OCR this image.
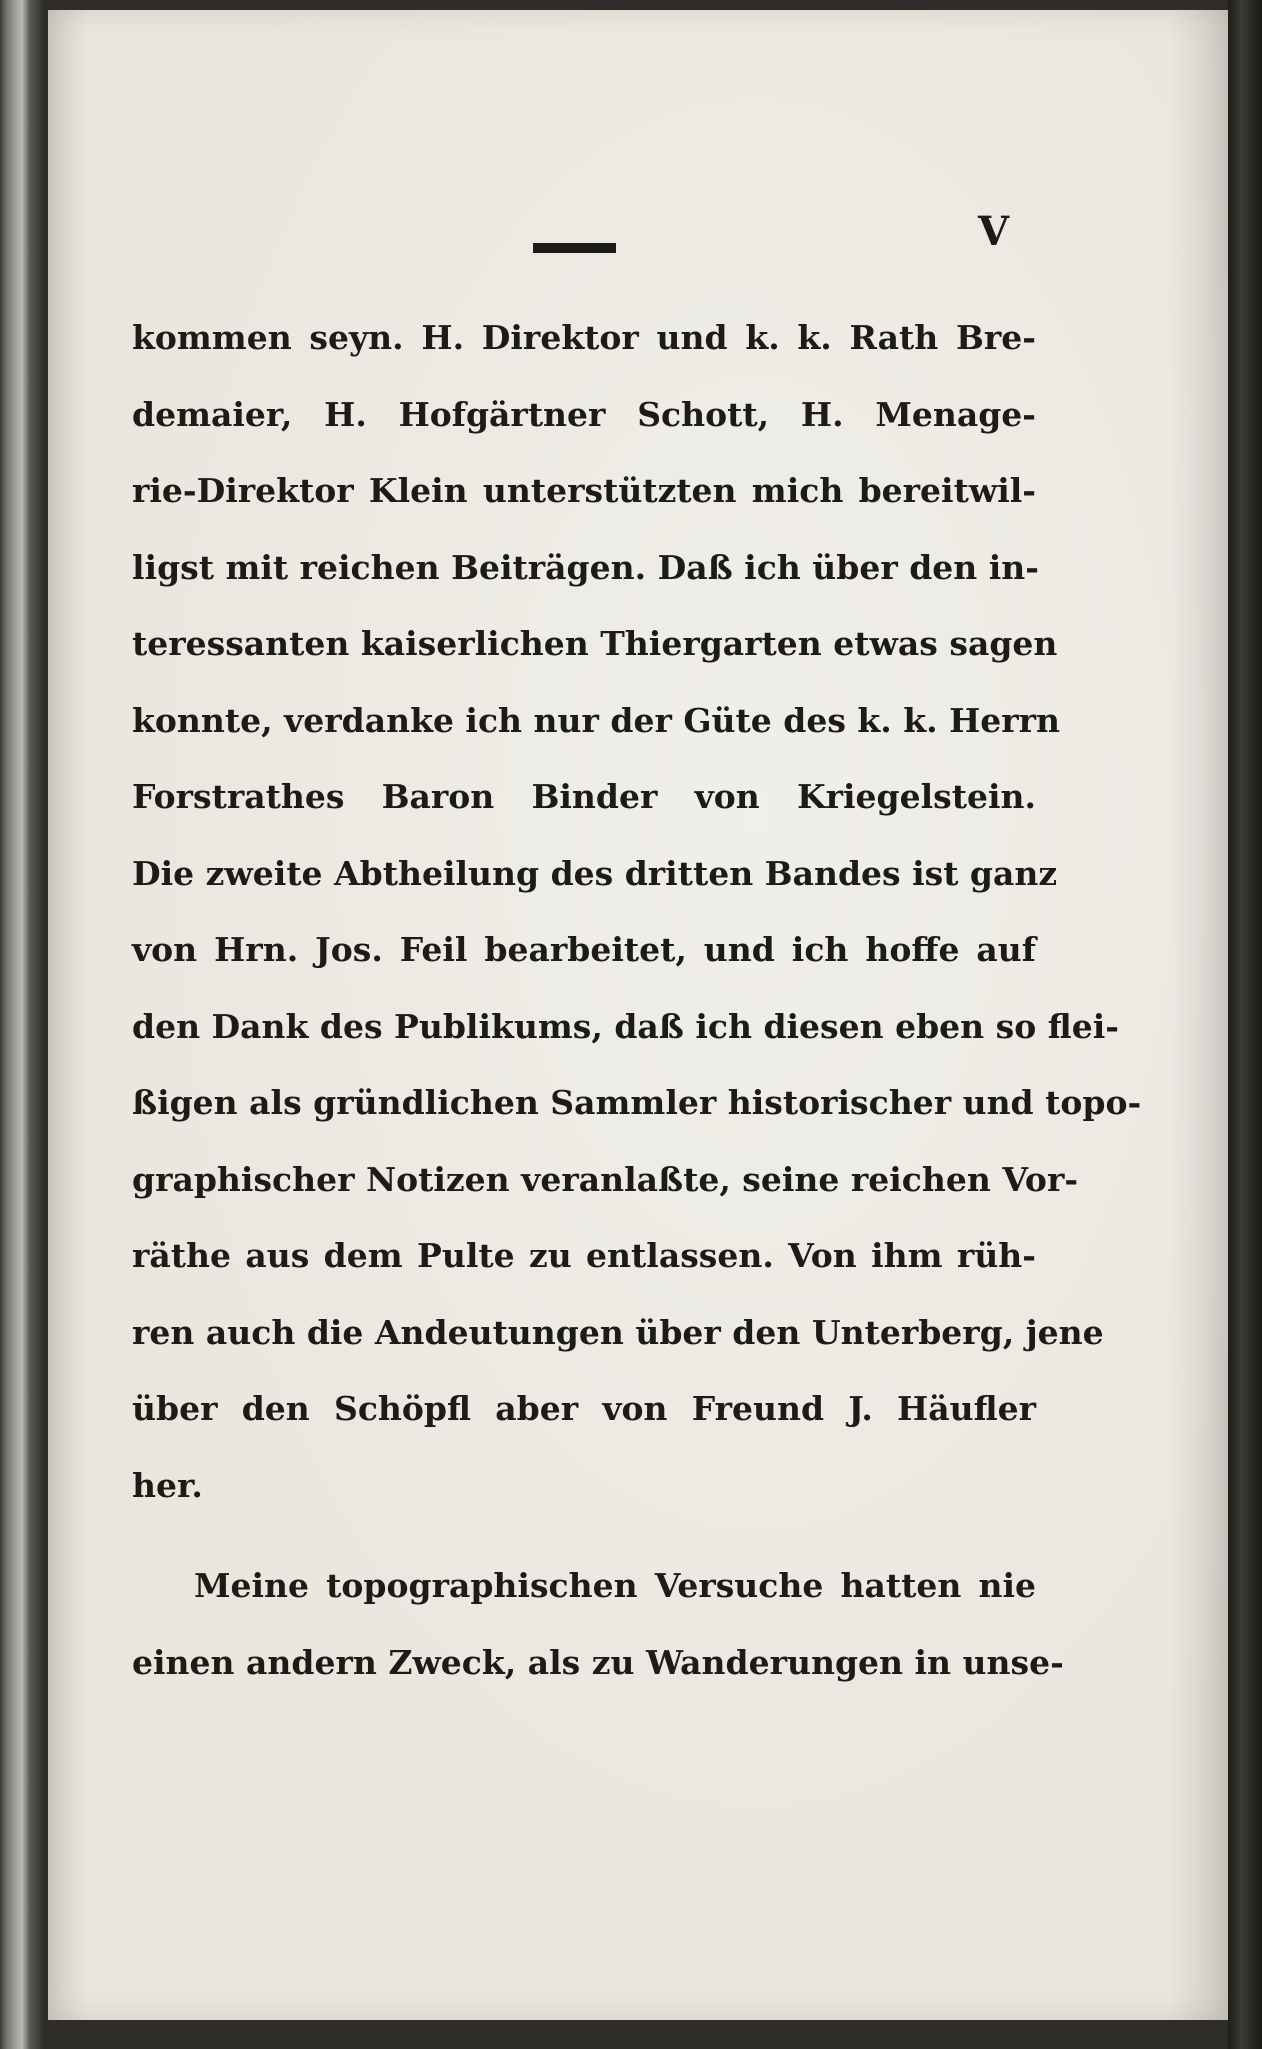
V
kommen seyn. H. Direktor und k. k. Rath Bre-
demaier, H. Hofgärtner Schott, H. Menage-
rie-Direktor Klein unterstützten mich bereitwil-
ligst mit reichen Beiträgen. Daß ich über den in-
teressanten kaiserlichen Thiergarten etwas sagen
konnte, verdanke ich nur der Güte des k. k. Herrn
Forstrathes Baron Binder von Kriegelstein.
Die zweite Abtheilung des dritten Bandes ist ganz
von Hrn. Jos. Feil bearbeitet, und ich hoffe auf
den Dank des Publikums, daß ich diesen eben so flei-
ßigen als gründlichen Sammler historischer und topo-
graphischer Notizen veranlaßte, seine reichen Vor-
räthe aus dem Pulte zu entlassen. Von ihm rüh-
ren auch die Andeutungen über den Unterberg, jene
über den Schöpfl aber von Freund J. Häufler
her.
Meine topographischen Versuche hatten nie
einen andern Zweck, als zu Wanderungen in unse-
